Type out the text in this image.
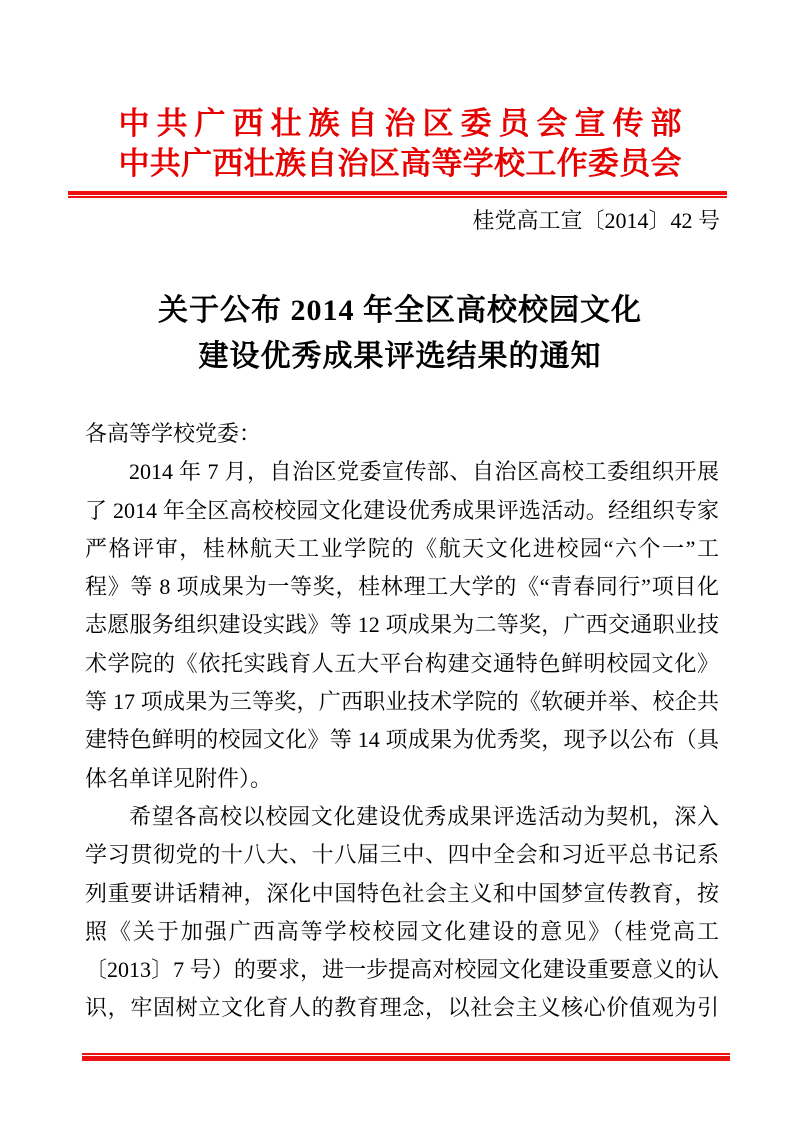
中共广西壮族自治区委员会宣传部
中共广西壮族自治区高等学校工作委员会
桂党高工宣〔2014〕42 号
关于公布 2014 年全区高校校园文化
建设优秀成果评选结果的通知
各高等学校党委：
2014 年 7 月，自治区党委宣传部、自治区高校工委组织开展
了 2014 年全区高校校园文化建设优秀成果评选活动。经组织专家
严格评审，桂林航天工业学院的《航天文化进校园“六个一”工
程》等 8 项成果为一等奖，桂林理工大学的《“青春同行”项目化
志愿服务组织建设实践》等 12 项成果为二等奖，广西交通职业技
术学院的《依托实践育人五大平台构建交通特色鲜明校园文化》
等 17 项成果为三等奖，广西职业技术学院的《软硬并举、校企共
建特色鲜明的校园文化》等 14 项成果为优秀奖，现予以公布（具
体名单详见附件）。
希望各高校以校园文化建设优秀成果评选活动为契机，深入
学习贯彻党的十八大、十八届三中、四中全会和习近平总书记系
列重要讲话精神，深化中国特色社会主义和中国梦宣传教育，按
照《关于加强广西高等学校校园文化建设的意见》（桂党高工
〔2013〕7 号）的要求，进一步提高对校园文化建设重要意义的认
识，牢固树立文化育人的教育理念，以社会主义核心价值观为引
